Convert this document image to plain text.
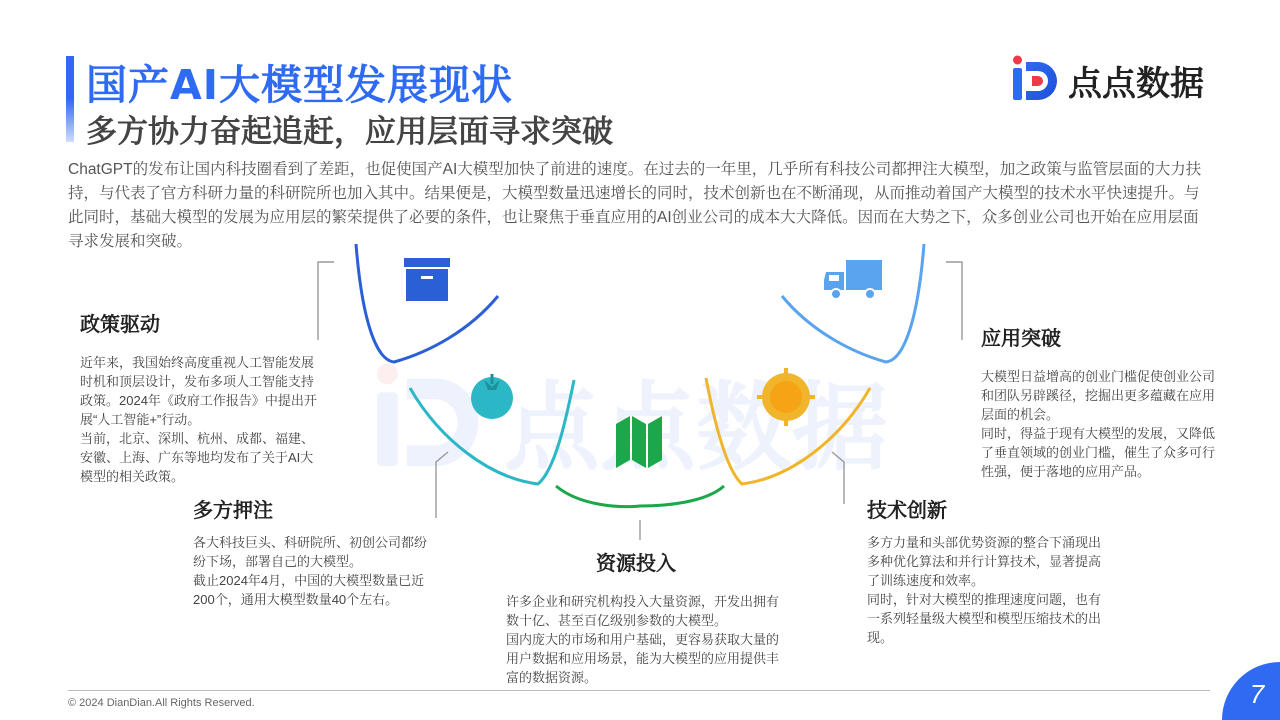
国产AI大模型发展现状
多方协力奋起追赶，应用层面寻求突破
点点数据

ChatGPT的发布让国内科技圈看到了差距，也促使国产AI大模型加快了前进的速度。在过去的一年里，几乎所有科技公司都押注大模型，加之政策与监管层面的大力扶持，与代表了官方科研力量的科研院所也加入其中。结果便是，大模型数量迅速增长的同时，技术创新也在不断涌现，从而推动着国产大模型的技术水平快速提升。与此同时，基础大模型的发展为应用层的繁荣提供了必要的条件，也让聚焦于垂直应用的AI创业公司的成本大大降低。因而在大势之下，众多创业公司也开始在应用层面寻求发展和突破。

点点数据
政策驱动

近年来，我国始终高度重视人工智能发展时机和顶层设计，发布多项人工智能支持政策。2024年《政府工作报告》中提出开展“人工智能+”行动。
当前，北京、深圳、杭州、成都、福建、安徽、上海、广东等地均发布了关于AI大模型的相关政策。

多方押注

各大科技巨头、科研院所、初创公司都纷纷下场，部署自己的大模型。
截止2024年4月，中国的大模型数量已近200个，通用大模型数量40个左右。

资源投入

许多企业和研究机构投入大量资源，开发出拥有数十亿、甚至百亿级别参数的大模型。
国内庞大的市场和用户基础，更容易获取大量的用户数据和应用场景，能为大模型的应用提供丰富的数据资源。

技术创新

多方力量和头部优势资源的整合下涌现出多种优化算法和并行计算技术，显著提高了训练速度和效率。
同时，针对大模型的推理速度问题，也有一系列轻量级大模型和模型压缩技术的出现。

应用突破

大模型日益增高的创业门槛促使创业公司和团队另辟蹊径，挖掘出更多蕴藏在应用层面的机会。
同时，得益于现有大模型的发展，又降低了垂直领域的创业门槛，催生了众多可行性强，便于落地的应用产品。

© 2024 DianDian.All Rights Reserved.	7
